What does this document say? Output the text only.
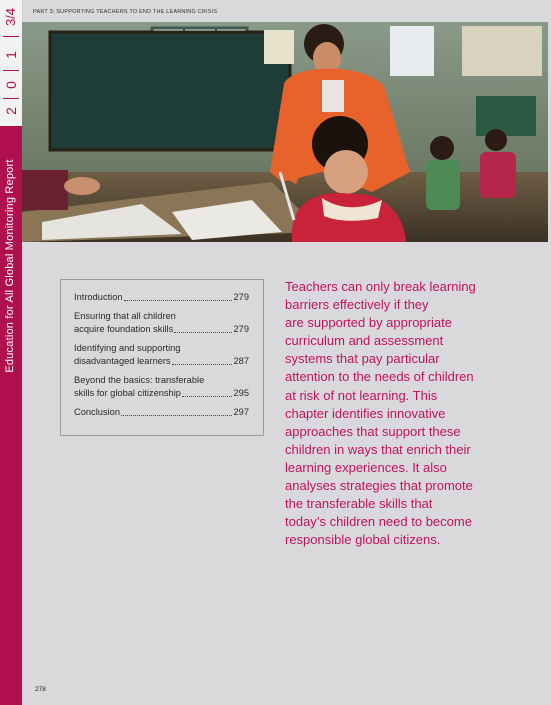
3/4
1
0
2
Education for All Global Monitoring Report
PART 3: SUPPORTING TEACHERS TO END THE LEARNING CRISIS
Introduction	279
Ensuring that all children
acquire foundation skills	279
Identifying and supporting
disadvantaged learners	287
Beyond the basics: transferable
skills for global citizenship	295
Conclusion	297
Teachers can only break learning
barriers effectively if they
are supported by appropriate
curriculum and assessment
systems that pay particular
attention to the needs of children
at risk of not learning. This
chapter identifies innovative
approaches that support these
children in ways that enrich their
learning experiences. It also
analyses strategies that promote
the transferable skills that
today’s children need to become
responsible global citizens.
278
